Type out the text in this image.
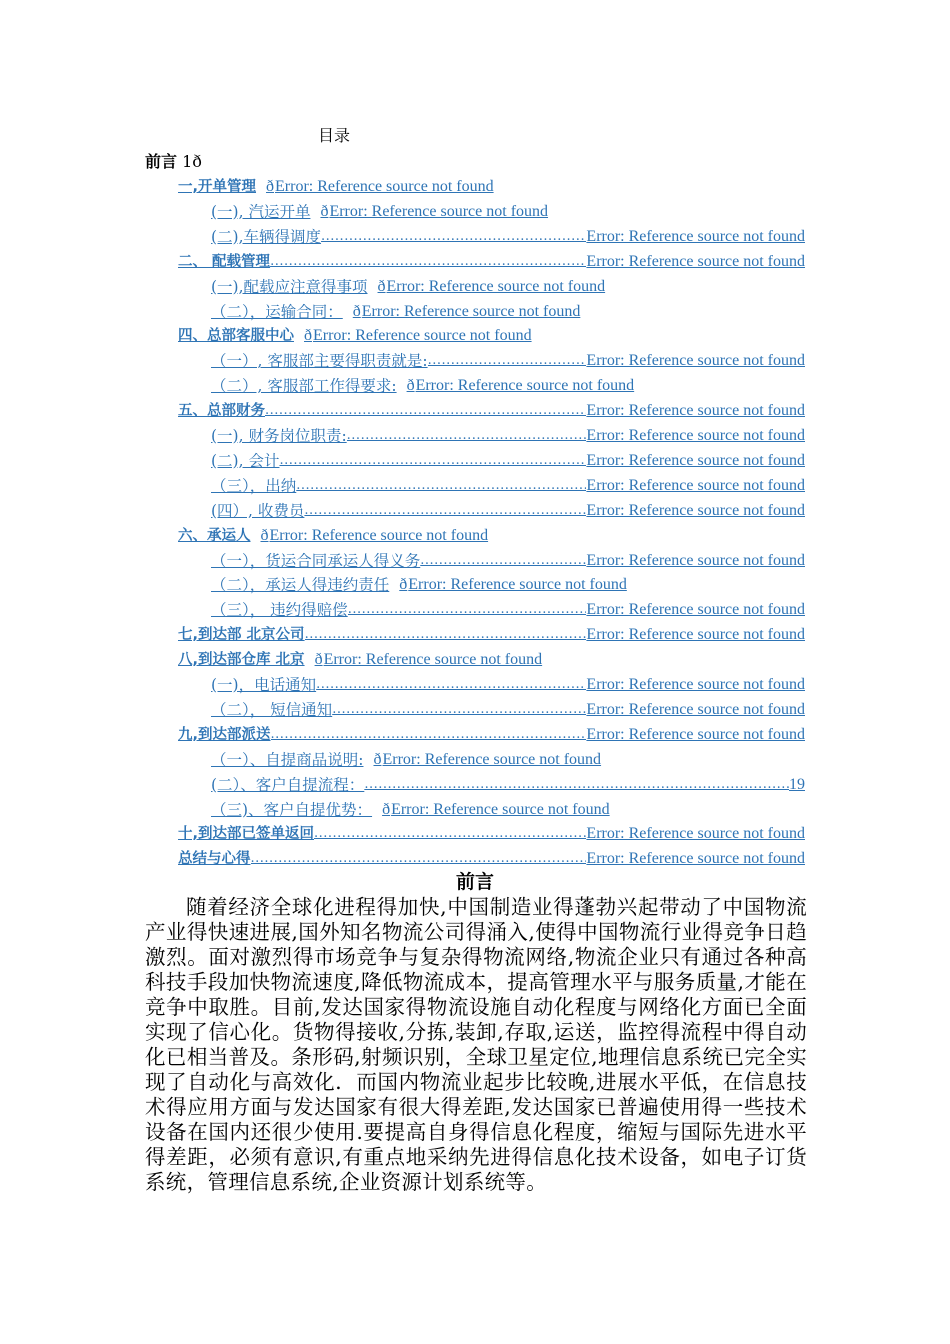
目录
前言 1ð
一,开单管理	ð Error: Reference source not found
(一), 汽运开单	ð Error: Reference source not found
(二),车辆得调度 .....	Error: Reference source not found
二、 配载管理 .....	Error: Reference source not found
(一),配载应注意得事项	ð Error: Reference source not found
（二），运输合同：	ð Error: Reference source not found
四、总部客服中心	ð Error: Reference source not found
（一）, 客服部主要得职责就是: .....	Error: Reference source not found
（二）, 客服部工作得要求:	ð Error: Reference source not found
五、总部财务 .....	Error: Reference source not found
(一), 财务岗位职责: .....	Error: Reference source not found
(二), 会计 .....	Error: Reference source not found
（三），出纳 .....	Error: Reference source not found
(四）, 收费员 .....	Error: Reference source not found
六、承运人	ð Error: Reference source not found
（一），货运合同承运人得义务 .....	Error: Reference source not found
（二），承运人得违约责任	ð Error: Reference source not found
（三）， 违约得赔偿 .....	Error: Reference source not found
七,到达部 北京公司 .....	Error: Reference source not found
八,到达部仓库 北京	ð Error: Reference source not found
(一)，电话通知 .....	Error: Reference source not found
（二）， 短信通知 .....	Error: Reference source not found
九,到达部派送 .....	Error: Reference source not found
（一）、自提商品说明:	ð Error: Reference source not found
(二）、客户自提流程： .....	19
（三)、客户自提优势：	ð Error: Reference source not found
十,到达部已签单返回 .....	Error: Reference source not found
总结与心得 .....	Error: Reference source not found
前言
随着经济全球化进程得加快,中国制造业得蓬勃兴起带动了中国物流产业得快速进展,国外知名物流公司得涌入,使得中国物流行业得竞争日趋激烈。面对激烈得市场竞争与复杂得物流网络,物流企业只有通过各种高科技手段加快物流速度,降低物流成本，提高管理水平与服务质量,才能在竞争中取胜。目前,发达国家得物流设施自动化程度与网络化方面已全面实现了信心化。货物得接收,分拣,装卸,存取,运送，监控得流程中得自动化已相当普及。条形码,射频识别，全球卫星定位,地理信息系统已完全实现了自动化与高效化．而国内物流业起步比较晚,进展水平低，在信息技术得应用方面与发达国家有很大得差距,发达国家已普遍使用得一些技术设备在国内还很少使用.要提高自身得信息化程度，缩短与国际先进水平得差距，必须有意识,有重点地采纳先进得信息化技术设备，如电子订货系统，管理信息系统,企业资源计划系统等。
